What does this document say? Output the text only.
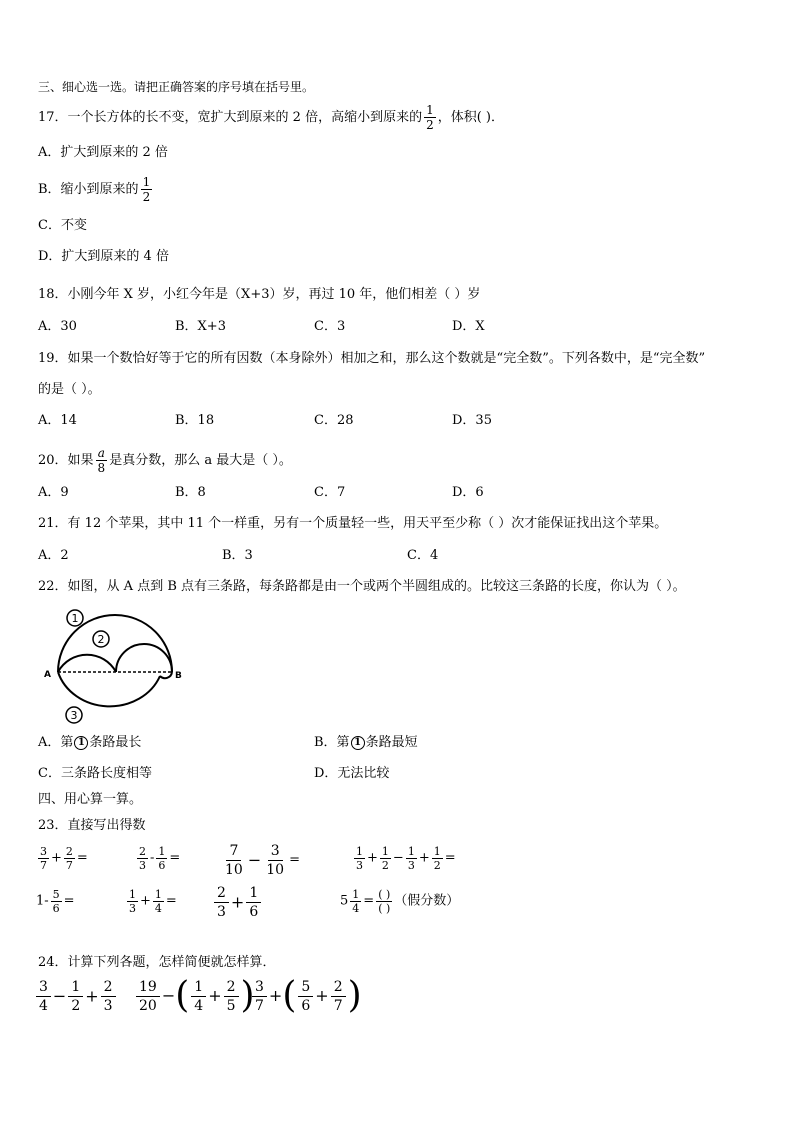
三、细心选一选。请把正确答案的序号填在括号里。
17．一个长方体的长不变，宽扩大到原来的 2 倍，高缩小到原来的 $\frac{1}{2}$ ，体积( )．
A．扩大到原来的 2 倍
B．缩小到原来的 $\frac{1}{2}$
C．不变
D．扩大到原来的 4 倍
18．小刚今年 X 岁，小红今年是（X+3）岁，再过 10 年，他们相差（ ）岁
A．30	B．X+3	C．3	D．X
19．如果一个数恰好等于它的所有因数（本身除外）相加之和，那么这个数就是“完全数”。下列各数中，是“完全数”
的是（ ）。
A．14	B．18	C．28	D．35
20．如果 $\frac{a}{8}$ 是真分数，那么 a 最大是（ ）。
A．9	B．8	C．7	D．6
21．有 12 个苹果，其中 11 个一样重，另有一个质量轻一些，用天平至少称（ ）次才能保证找出这个苹果。
A．2	B．3	C．4
22．如图，从 A 点到 B 点有三条路，每条路都是由一个或两个半圆组成的。比较这三条路的长度，你认为（ ）。
A	B
1
2
3
A．第 1 条路最长	B．第 1 条路最短
C．三条路长度相等	D．无法比较
四、用心算一算。
23．直接写出得数
$\frac{3}{7} + \frac{2}{7}$ =	$\frac{2}{3} - \frac{1}{6}$ =	$\frac{7}{10} - \frac{3}{10}$ =	$\frac{1}{3} + \frac{1}{2} - \frac{1}{3} + \frac{1}{2}$ =
$1- \frac{5}{6}$ =	$\frac{1}{3} + \frac{1}{4}$ =	$\frac{2}{3} + \frac{1}{6}$	$5 \frac{1}{4} = \frac{( )}{( )}$ （假分数）
24．计算下列各题，怎样简便就怎样算．
$\frac{3}{4} - \frac{1}{2} + \frac{2}{3} \frac{19}{20}$ −( $\frac{1}{4} + \frac{2}{5}$ )
$\frac{3}{7}$ +( $\frac{5}{6} + \frac{2}{7}$ )
